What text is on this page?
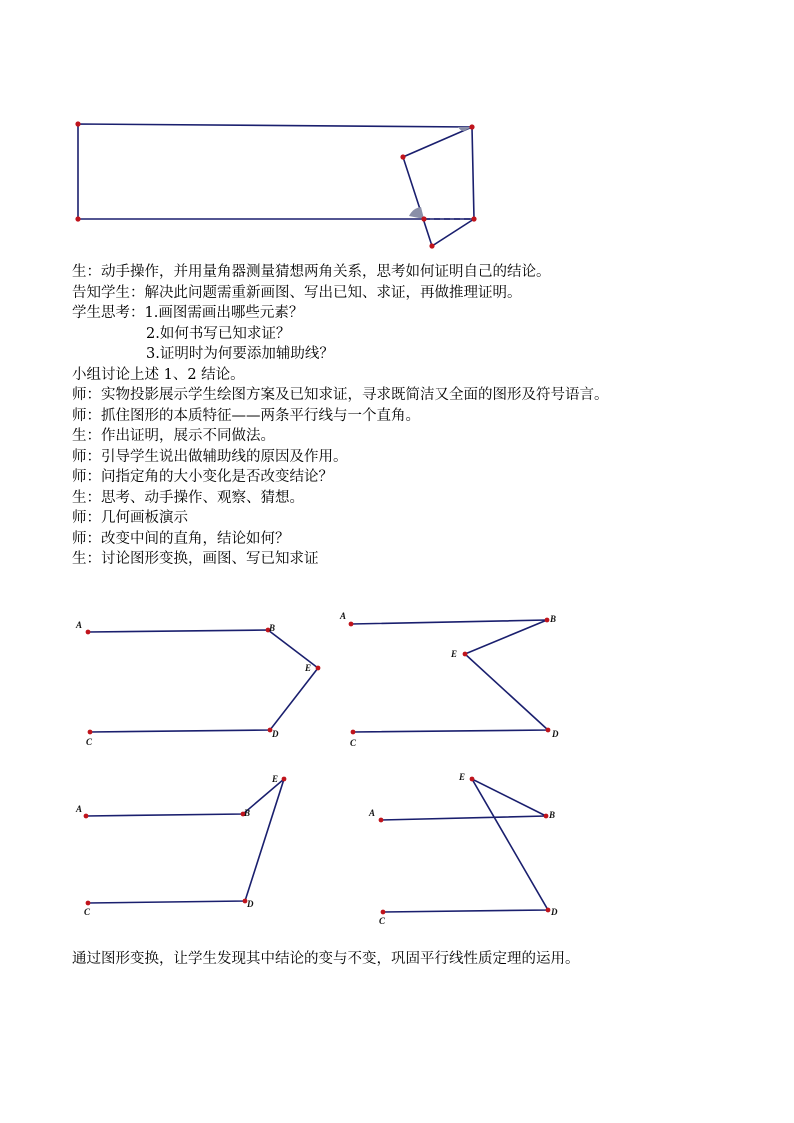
生：动手操作，并用量角器测量猜想两角关系，思考如何证明自己的结论。
告知学生：解决此问题需重新画图、写出已知、求证，再做推理证明。
学生思考：1.画图需画出哪些元素？
2.如何书写已知求证？
3.证明时为何要添加辅助线？
小组讨论上述 1、2 结论。
师：实物投影展示学生绘图方案及已知求证，寻求既简洁又全面的图形及符号语言。
师：抓住图形的本质特征——两条平行线与一个直角。
生：作出证明，展示不同做法。
师：引导学生说出做辅助线的原因及作用。
师：问指定角的大小变化是否改变结论？
生：思考、动手操作、观察、猜想。
师：几何画板演示
师：改变中间的直角，结论如何？
生：讨论图形变换，画图、写已知求证
A	B
E
D
C
A	B
E
D
C
A	B
E
D
C
A	B
E
D
C
通过图形变换，让学生发现其中结论的变与不变，巩固平行线性质定理的运用。
